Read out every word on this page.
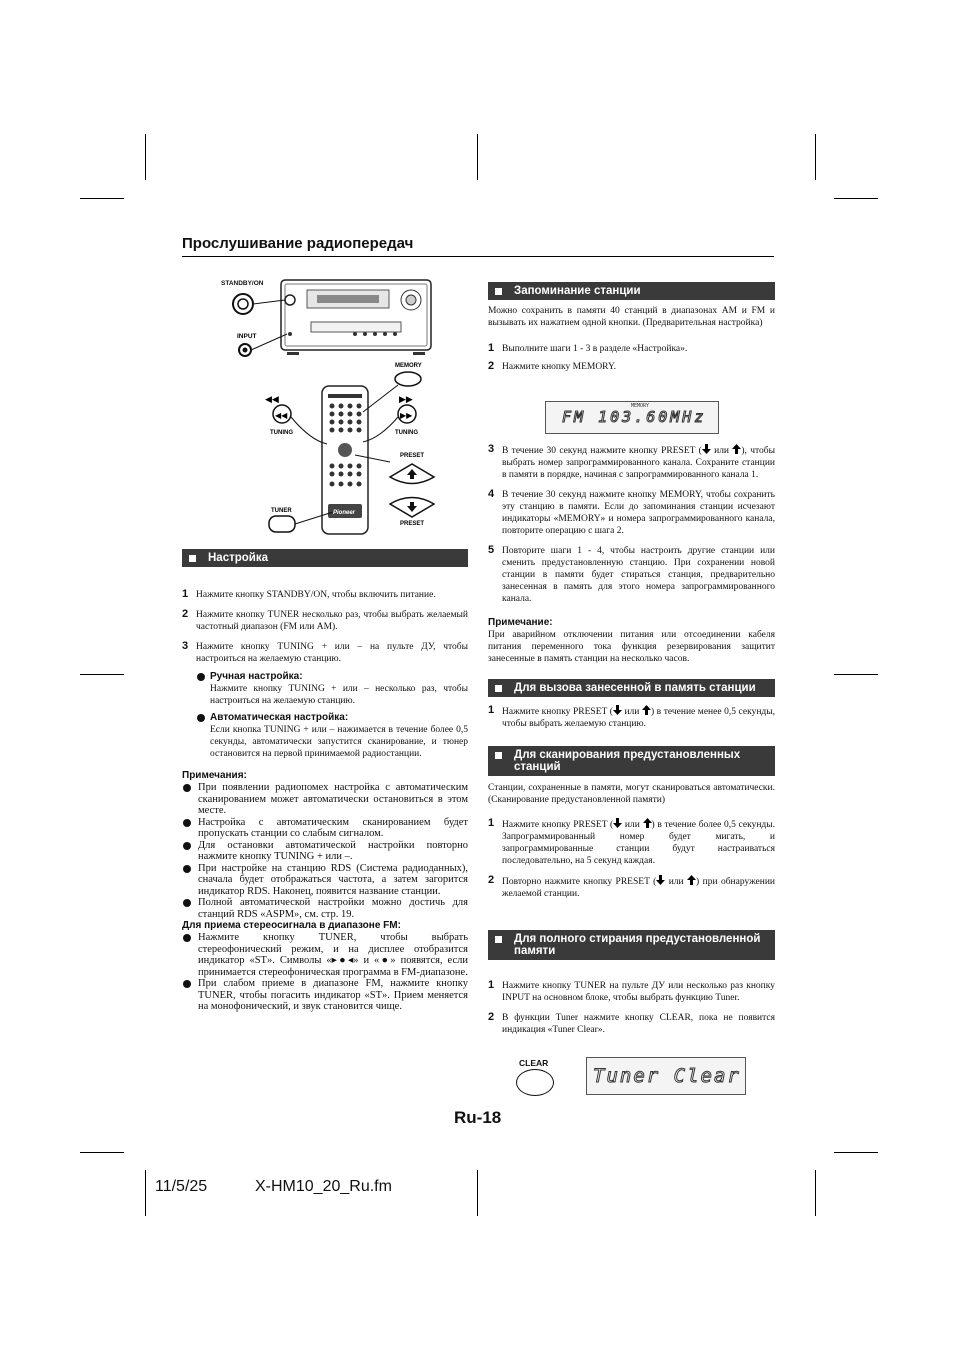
Прослушивание радиопередач
STANDBY/ON
INPUT
Pioneer
MEMORY
◀◀
◀◀
TUNING
▶▶
▶▶
TUNING
PRESET
PRESET
TUNER
Настройка
1 Нажмите кнопку STANDBY/ON, чтобы включить питание.
2 Нажмите кнопку TUNER несколько раз, чтобы выбрать желаемый частотный диапазон (FM или AM).
3 Нажмите кнопку TUNING + или – на пульте ДУ, чтобы настроиться на желаемую станцию.
Ручная настройка:
Нажмите кнопку TUNING + или – несколько раз, чтобы настроиться на желаемую станцию.
Автоматическая настройка:
Если кнопка TUNING + или – нажимается в течение более 0,5 секунды, автоматически запустится сканирование, и тюнер остановится на первой принимаемой радиостанции.
Примечания:
При появлении радиопомех настройка с автоматическим сканированием может автоматически остановиться в этом месте.
Настройка с автоматическим сканированием будет пропускать станции со слабым сигналом.
Для остановки автоматической настройки повторно нажмите кнопку TUNING + или –.
При настройке на станцию RDS (Система радиоданных), сначала будет отображаться частота, а затем загорится индикатор RDS. Наконец, появится название станции.
Полной автоматической настройки можно достичь для станций RDS «ASPM», см. стр. 19.
Для приема стереосигнала в диапазоне FM:
Нажмите кнопку TUNER, чтобы выбрать стереофонический режим, и на дисплее отобразится индикатор «ST». Символы «▸●◂» и «●» появятся, если принимается стереофоническая программа в FM-диапазоне.
При слабом приеме в диапазоне FM, нажмите кнопку TUNER, чтобы погасить индикатор «ST». Прием меняется на монофонический, и звук становится чище.
Запоминание станции
Можно сохранить в памяти 40 станций в диапазонах AM и FM и вызывать их нажатием одной кнопки. (Предварительная настройка)
1 Выполните шаги 1 - 3 в разделе «Настройка».
2 Нажмите кнопку MEMORY.
MEMORY
FM 103.60MHz
3 В течение 30 секунд нажмите кнопку PRESET ( или ), чтобы выбрать номер запрограммированного канала. Сохраните станции в памяти в порядке, начиная с запрограммированного канала 1.
4 В течение 30 секунд нажмите кнопку MEMORY, чтобы сохранить эту станцию в памяти. Если до запоминания станции исчезают индикаторы «MEMORY» и номера запрограммированного канала, повторите операцию с шага 2.
5 Повторите шаги 1 - 4, чтобы настроить другие станции или сменить предустановленную станцию. При сохранении новой станции в памяти будет стираться станция, предварительно занесенная в память для этого номера запрограммированного канала.
Примечание:
При аварийном отключении питания или отсоединении кабеля питания переменного тока функция резервирования защитит занесенные в память станции на несколько часов.
Для вызова занесенной в память станции
1 Нажмите кнопку PRESET ( или ) в течение менее 0,5 секунды, чтобы выбрать желаемую станцию.
Для сканирования предустановленных станций
Станции, сохраненные в памяти, могут сканироваться автоматически. (Сканирование предустановленной памяти)
1 Нажмите кнопку PRESET ( или ) в течение более 0,5 секунды. Запрограммированный номер будет мигать, и запрограммированные станции будут настраиваться последовательно, на 5 секунд каждая.
2 Повторно нажмите кнопку PRESET ( или ) при обнаружении желаемой станции.
Для полного стирания предустановленной памяти
1 Нажмите кнопку TUNER на пульте ДУ или несколько раз кнопку INPUT на основном блоке, чтобы выбрать функцию Tuner.
2 В функции Tuner нажмите кнопку CLEAR, пока не появится индикация «Tuner Clear».
CLEAR
Tuner Clear
Ru-18
11/5/25	X-HM10_20_Ru.fm
